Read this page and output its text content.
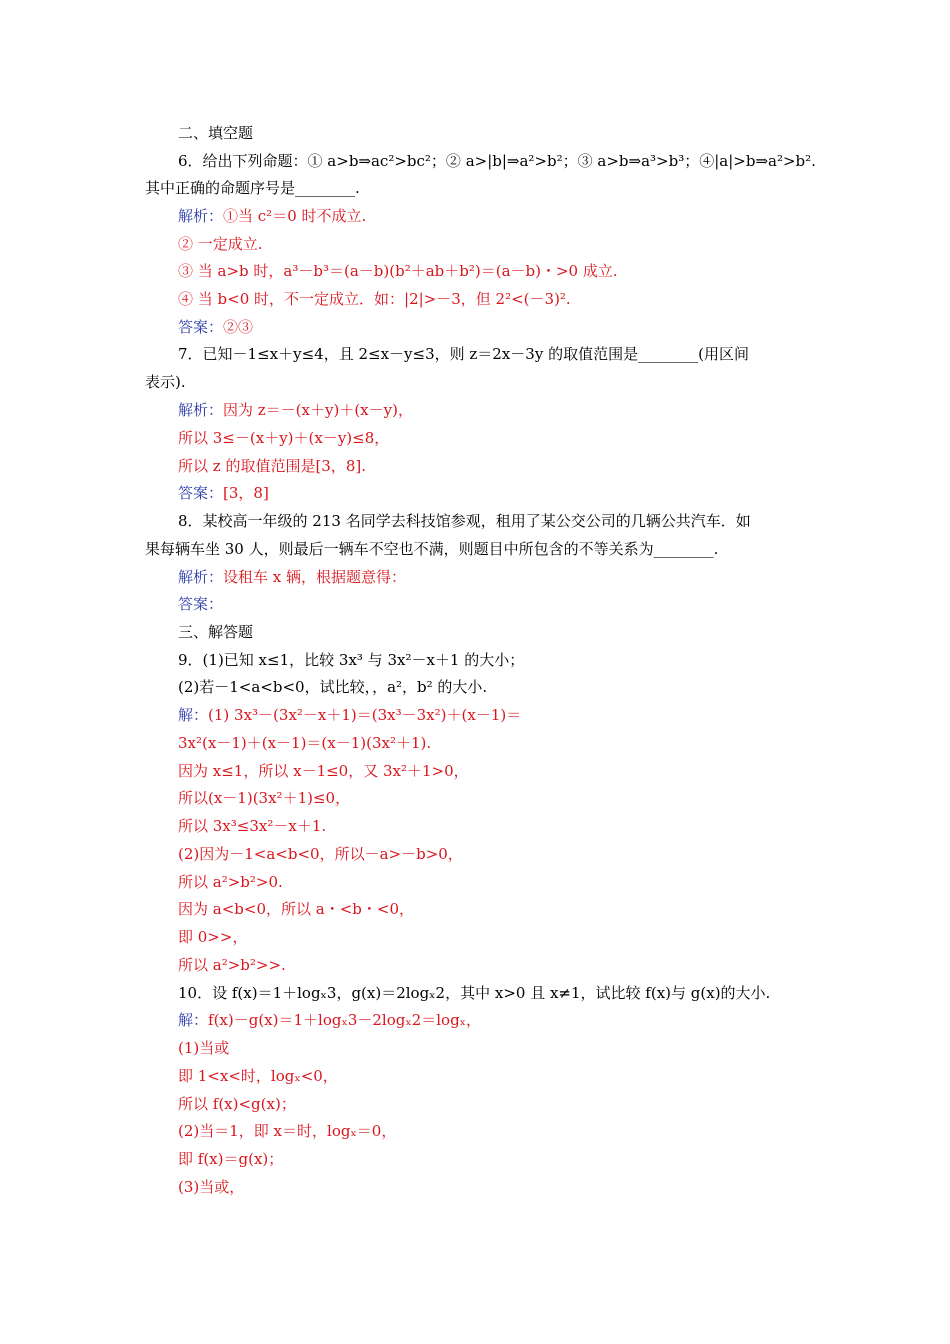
二、填空题
6．给出下列命题：① a>b⇒ac²>bc²；② a>|b|⇒a²>b²；③ a>b⇒a³>b³；④|a|>b⇒a²>b².
其中正确的命题序号是________.
解析：①当 c²＝0 时不成立.
② 一定成立.
③ 当 a>b 时，a³－b³＝(a－b)(b²＋ab＋b²)＝(a－b)・>0 成立.
④ 当 b<0 时，不一定成立．如：|2|>－3，但 2²<(－3)².
答案：②③
7．已知－1≤x＋y≤4，且 2≤x－y≤3，则 z＝2x－3y 的取值范围是________(用区间
表示).
解析：因为 z＝－(x＋y)＋(x－y)，
所以 3≤－(x＋y)＋(x－y)≤8，
所以 z 的取值范围是[3，8].
答案：[3，8]
8．某校高一年级的 213 名同学去科技馆参观，租用了某公交公司的几辆公共汽车．如
果每辆车坐 30 人，则最后一辆车不空也不满，则题目中所包含的不等关系为________.
解析：设租车 x 辆，根据题意得：
答案：
三、解答题
9．(1)已知 x≤1，比较 3x³ 与 3x²－x＋1 的大小；
(2)若－1<a<b<0，试比较，，a²，b² 的大小.
解：(1) 3x³－(3x²－x＋1)＝(3x³－3x²)＋(x－1)＝
3x²(x－1)＋(x－1)＝(x－1)(3x²＋1).
因为 x≤1，所以 x－1≤0，又 3x²＋1>0，
所以(x－1)(3x²＋1)≤0，
所以 3x³≤3x²－x＋1.
(2)因为－1<a<b<0，所以－a>－b>0，
所以 a²>b²>0.
因为 a<b<0，所以 a・<b・<0，
即 0>>，
所以 a²>b²>>.
10．设 f(x)＝1＋logₓ3，g(x)＝2logₓ2，其中 x>0 且 x≠1，试比较 f(x)与 g(x)的大小.
解：f(x)－g(x)＝1＋logₓ3－2logₓ2＝logₓ，
(1)当或
即 1<x<时，logₓ<0，
所以 f(x)<g(x)；
(2)当＝1，即 x＝时，logₓ＝0，
即 f(x)＝g(x)；
(3)当或，
